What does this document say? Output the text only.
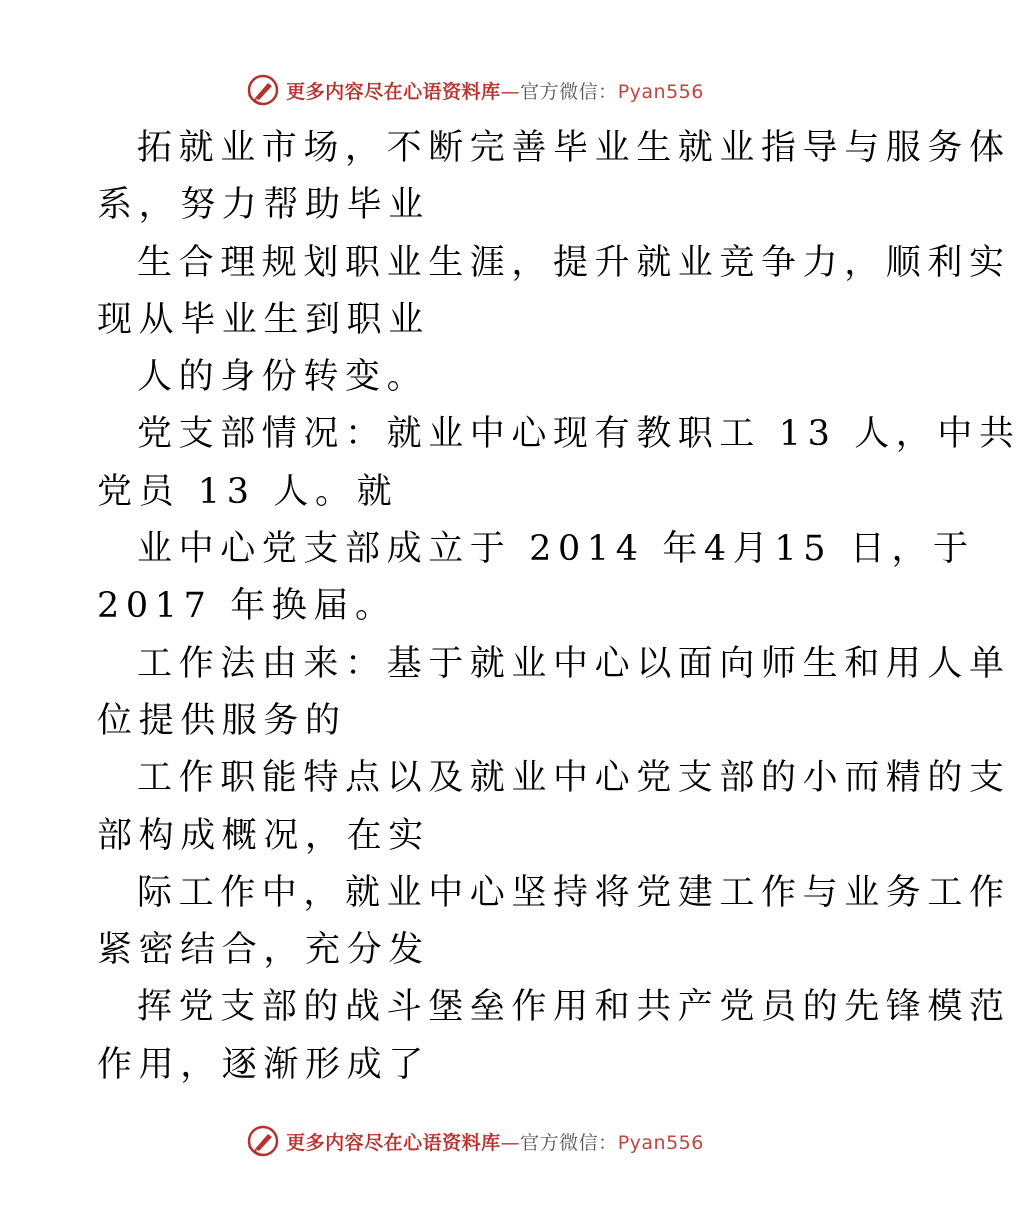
更多内容尽在心语资料库—官方微信：Pyan556
拓就业市场，不断完善毕业生就业指导与服务体
系，努力帮助毕业
生合理规划职业生涯，提升就业竞争力，顺利实
现从毕业生到职业
人的身份转变。
党支部情况：就业中心现有教职工 13 人，中共
党员 13 人。就
业中心党支部成立于 2014 年4月15 日，于
2017 年换届。
工作法由来：基于就业中心以面向师生和用人单
位提供服务的
工作职能特点以及就业中心党支部的小而精的支
部构成概况，在实
际工作中，就业中心坚持将党建工作与业务工作
紧密结合，充分发
挥党支部的战斗堡垒作用和共产党员的先锋模范
作用，逐渐形成了
更多内容尽在心语资料库—官方微信：Pyan556
